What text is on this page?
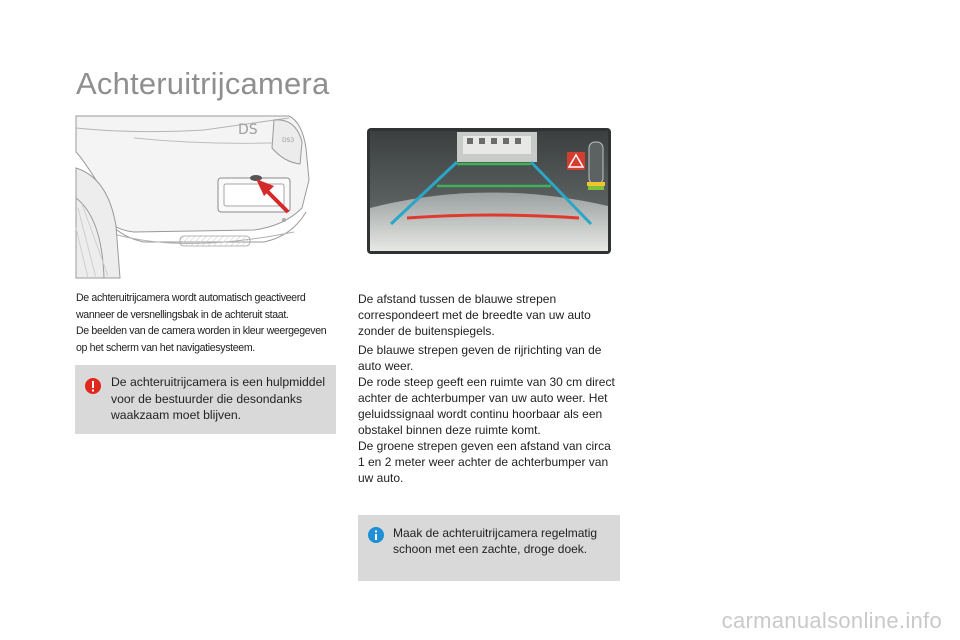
Achteruitrijcamera
DS
DS3

De achteruitrijcamera wordt automatisch geactiveerd wanneer de versnellingsbak in de achteruit staat.
De beelden van de camera worden in kleur weergegeven op het scherm van het navigatiesysteem.

De achteruitrijcamera is een hulpmiddel voor de bestuurder die desondanks waakzaam moet blijven.

De afstand tussen de blauwe strepen correspondeert met de breedte van uw auto zonder de buitenspiegels.

De blauwe strepen geven de rijrichting van de auto weer.
De rode steep geeft een ruimte van 30 cm direct achter de achterbumper van uw auto weer. Het geluidssignaal wordt continu hoorbaar als een obstakel binnen deze ruimte komt.
De groene strepen geven een afstand van circa 1 en 2 meter weer achter de achterbumper van uw auto.

Maak de achteruitrijcamera regelmatig schoon met een zachte, droge doek.

carmanualsonline.info
